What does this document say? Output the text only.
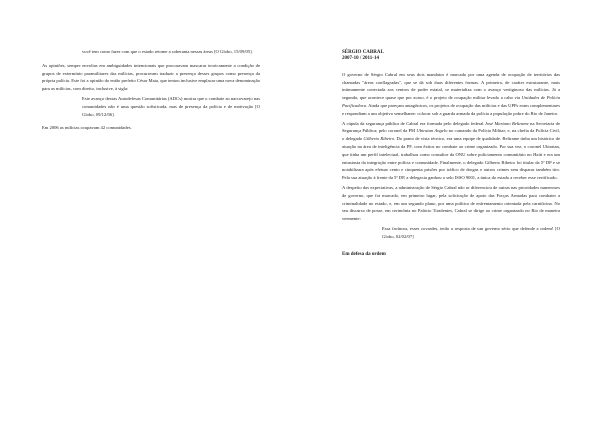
você tem como fazer com que o estado retome a soberania nessas áreas [O Globo, 15/09/05].

As opiniões, sempre envoltas em ambiguidades intencionais que procuravam mascarar teoricamente a condição de grupos de extermínio paramilitares das milícias, procuravam traduzir a presença desses grupos como presença da própria polícia. Este foi a opinião do então prefeito César Maia, que tentou inclusive emplacar uma nova denominação para as milícias, com direito, inclusive, à sigla:

Este avanço dessas Autodefesas Comunitárias (ADCs) mostra que o combate ao narcovarejo nas comunidades não é uma questão sofisticada, mas de presença da polícia e de motivação [O Globo, 09/12/06].

Em 2006 as milícias ocupavam 42 comunidades.

SÉRGIO CABRAL

2007-10 / 2011-14

O governo de Sérgio Cabral em seus dois mandatos é marcado por uma agenda de ocupação de territórios das chamadas "áreas conflagradas", que se dá sob duas diferentes formas. A primeira, de caráter estruturante, mais intimamente conectada aos centros de poder estatal, se materializa com o avanço vertiginoso das milícias. Já a segunda, que acontece quase que por acaso, é o projeto de ocupação militar levado a cabo via Unidades de Polícia Pacificadora. Ainda que pareçam antagônicos, os projetos de ocupação das milícias e das UPPs eram complementares e respondiam a um objetivo semelhante: colocar sob a guarda armada da polícia a população pobre do Rio de Janeiro.

A cúpula da segurança pública de Cabral era formada pelo delegado federal José Mariano Beltrame na Secretaria de Segurança Pública; pelo coronel da PM Ubiratan Angelo no comando da Polícia Militar; e, na chefia da Polícia Civil, o delegado Gilberto Ribeiro. Do ponto de vista técnico, era uma equipe de qualidade. Beltrame tinha um histórico de atuação na área de inteligência da PF, com êxitos no combate ao crime organizado. Por sua vez, o coronel Ubiratan, que tinha um perfil intelectual, trabalhou como consultor da ONU sobre policiamento comunitário no Haiti e era um entusiasta da integração entre polícia e comunidade. Finalmente, o delegado Gilberto Ribeiro foi titular da 5ª DP e se notabilizara após efetuar cento e cinquenta prisões por tráfico de drogas e outros crimes sem disparar também tiro. Pela sua atuação à frente da 5ª DP, a delegacia ganhou o selo ISSO 9001, a única do estado a receber esse certificado.

A despeito das expectativas, a administração de Sérgio Cabral não se diferenciou de outras nas prioridades numeroses de governo, que foi marcado, em primeiro lugar, pela solicitação de apoio das Forças Armadas para combater a criminalidade no estado, e, em um segundo plano, por uma política de enfrentamento orientada pela carnificina. No seu discurso de posse, em cerimônia no Palácio Tiradentes, Cabral se dirige ao crime organizado no Rio de maneira veemente:

Essa facínora, esses covardes, terão a resposta de um governo sério que defende a ordem! [O Globo, 02/02/07]

Em defesa da ordem
